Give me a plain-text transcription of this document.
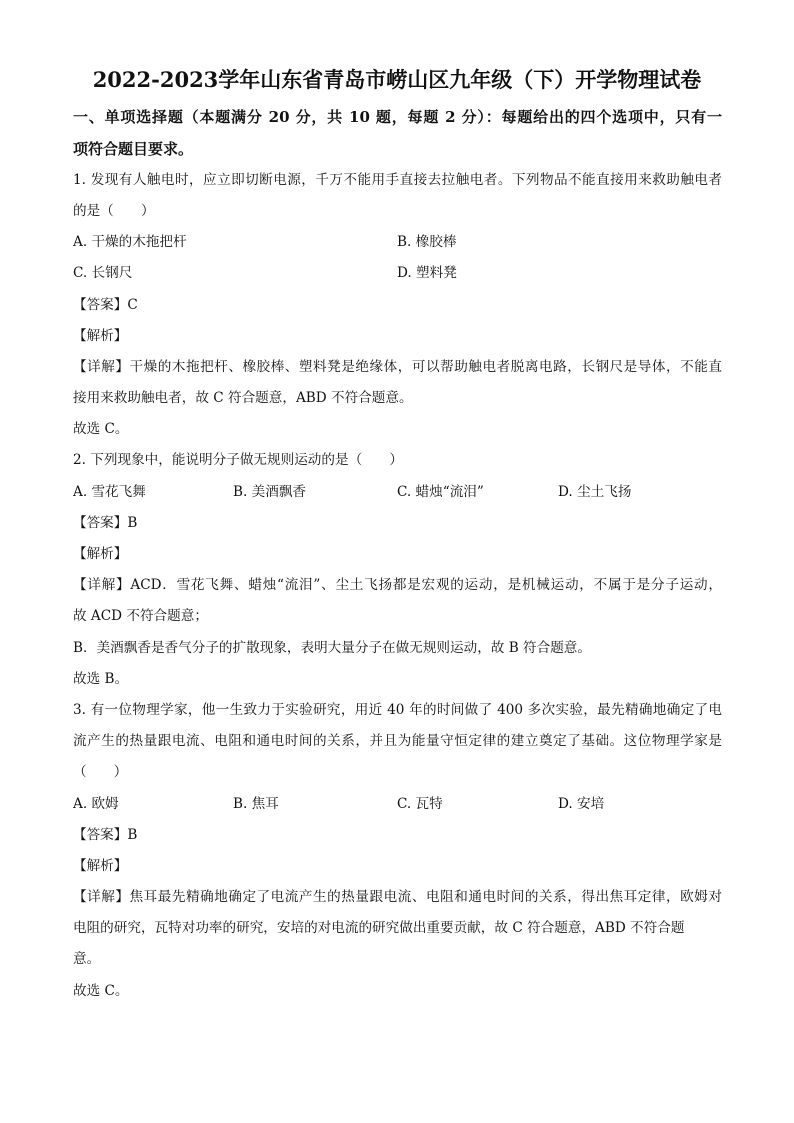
2022-2023学年山东省青岛市崂山区九年级（下）开学物理试卷
一、单项选择题（本题满分 20 分，共 10 题，每题 2 分）：每题给出的四个选项中，只有一
项符合题目要求。
1. 发现有人触电时，应立即切断电源，千万不能用手直接去拉触电者。下列物品不能直接用来救助触电者
的是（　　）
A. 干燥的木拖把杆	B. 橡胶棒
C. 长钢尺	D. 塑料凳
【答案】C
【解析】
【详解】干燥的木拖把杆、橡胶棒、塑料凳是绝缘体，可以帮助触电者脱离电路，长钢尺是导体，不能直
接用来救助触电者，故 C 符合题意，ABD 不符合题意。
故选 C。
2. 下列现象中，能说明分子做无规则运动的是（　　）
A. 雪花飞舞	B. 美酒飘香	C. 蜡烛“流泪”	D. 尘土飞扬
【答案】B
【解析】
【详解】ACD．雪花飞舞、蜡烛“流泪”、尘土飞扬都是宏观的运动，是机械运动，不属于是分子运动，
故 ACD 不符合题意；
B．美酒飘香是香气分子的扩散现象，表明大量分子在做无规则运动，故 B 符合题意。
故选 B。
3. 有一位物理学家，他一生致力于实验研究，用近 40 年的时间做了 400 多次实验，最先精确地确定了电
流产生的热量跟电流、电阻和通电时间的关系，并且为能量守恒定律的建立奠定了基础。这位物理学家是
（　　）
A. 欧姆	B. 焦耳	C. 瓦特	D. 安培
【答案】B
【解析】
【详解】焦耳最先精确地确定了电流产生的热量跟电流、电阻和通电时间的关系，得出焦耳定律，欧姆对
电阻的研究，瓦特对功率的研究，安培的对电流的研究做出重要贡献，故 C 符合题意，ABD 不符合题
意。
故选 C。
